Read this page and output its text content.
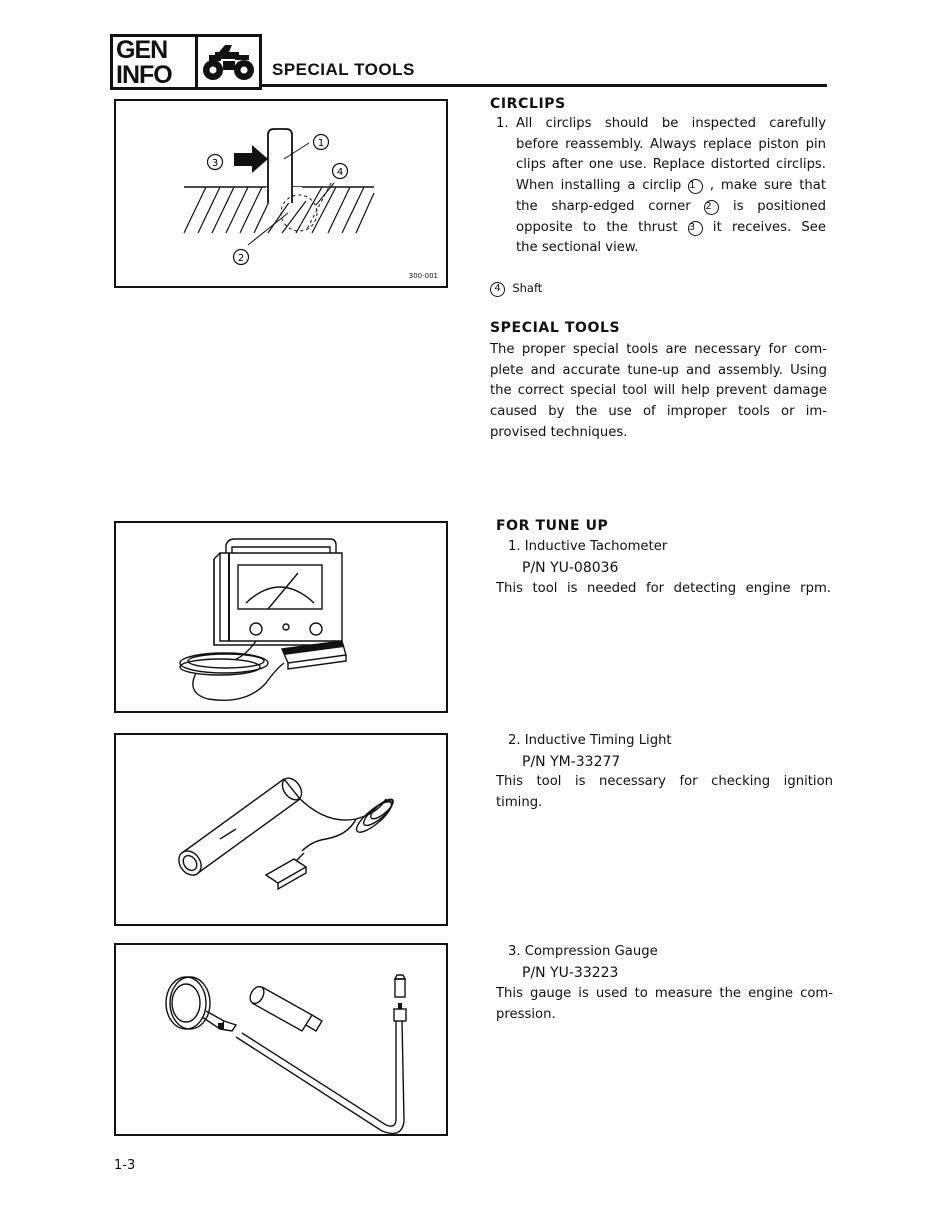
GEN
INFO	SPECIAL TOOLS
1
2
3
4
300-001
CIRCLIPS
1. All circlips should be inspected carefully
before reassembly. Always replace piston pin
clips after one use. Replace distorted circlips.
When installing a circlip 1 , make sure that
the sharp-edged corner 2 is positioned
opposite to the thrust 3 it receives. See
the sectional view.
4 Shaft
SPECIAL TOOLS
The proper special tools are necessary for com-
plete and accurate tune-up and assembly. Using
the correct special tool will help prevent damage
caused by the use of improper tools or im-
provised techniques.
FOR TUNE UP
1. Inductive Tachometer
P/N YU-08036
This tool is needed for detecting engine rpm.
2. Inductive Timing Light
P/N YM-33277
This tool is necessary for checking ignition
timing.
3. Compression Gauge
P/N YU-33223
This gauge is used to measure the engine com-
pression.
1-3
